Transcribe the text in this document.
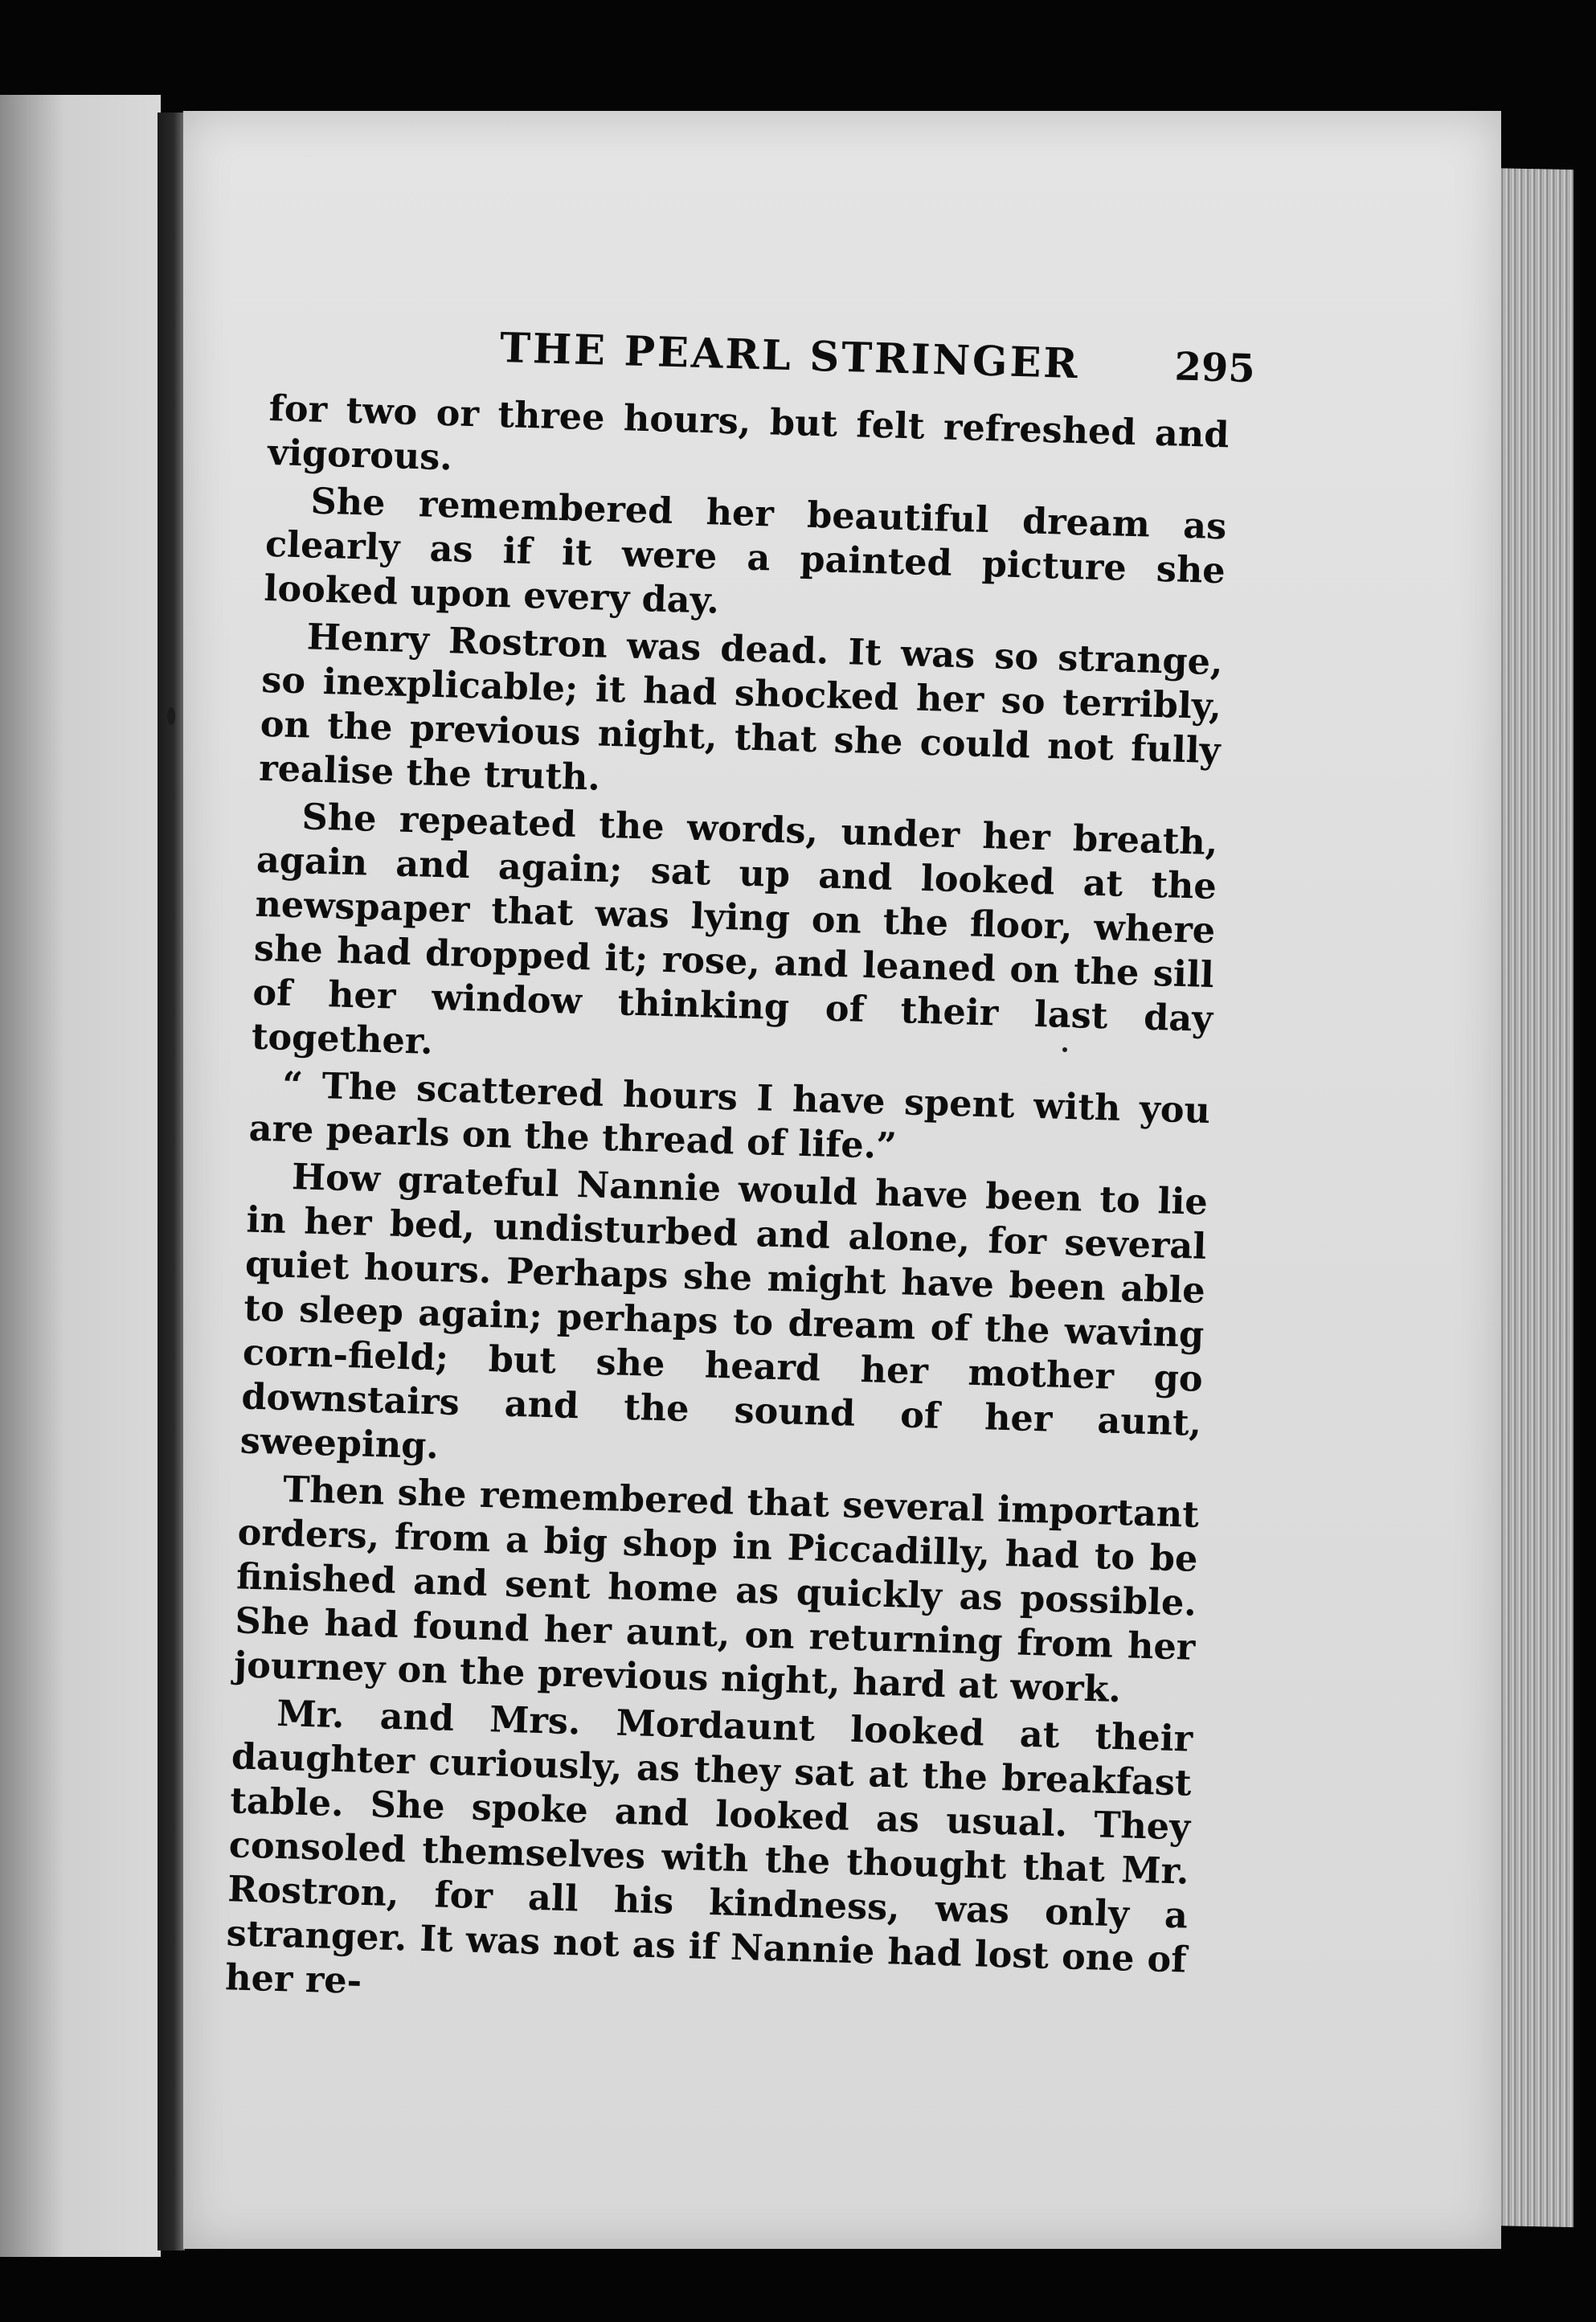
THE PEARL STRINGER 295

for two or three hours, but felt refreshed and vigorous.

She remembered her beautiful dream as clearly as if it were a painted picture she looked upon every day.

Henry Rostron was dead. It was so strange, so inexplicable; it had shocked her so terribly, on the previous night, that she could not fully realise the truth.

She repeated the words, under her breath, again and again; sat up and looked at the newspaper that was lying on the floor, where she had dropped it; rose, and leaned on the sill of her window thinking of their last day together.

“ The scattered hours I have spent with you are pearls on the thread of life.”

How grateful Nannie would have been to lie in her bed, undisturbed and alone, for several quiet hours. Perhaps she might have been able to sleep again; perhaps to dream of the waving corn-field; but she heard her mother go downstairs and the sound of her aunt, sweeping.

Then she remembered that several important orders, from a big shop in Piccadilly, had to be finished and sent home as quickly as possible. She had found her aunt, on returning from her journey on the previous night, hard at work.

Mr. and Mrs. Mordaunt looked at their daughter curiously, as they sat at the breakfast table. She spoke and looked as usual. They consoled themselves with the thought that Mr. Rostron, for all his kindness, was only a stranger. It was not as if Nannie had lost one of her re-
